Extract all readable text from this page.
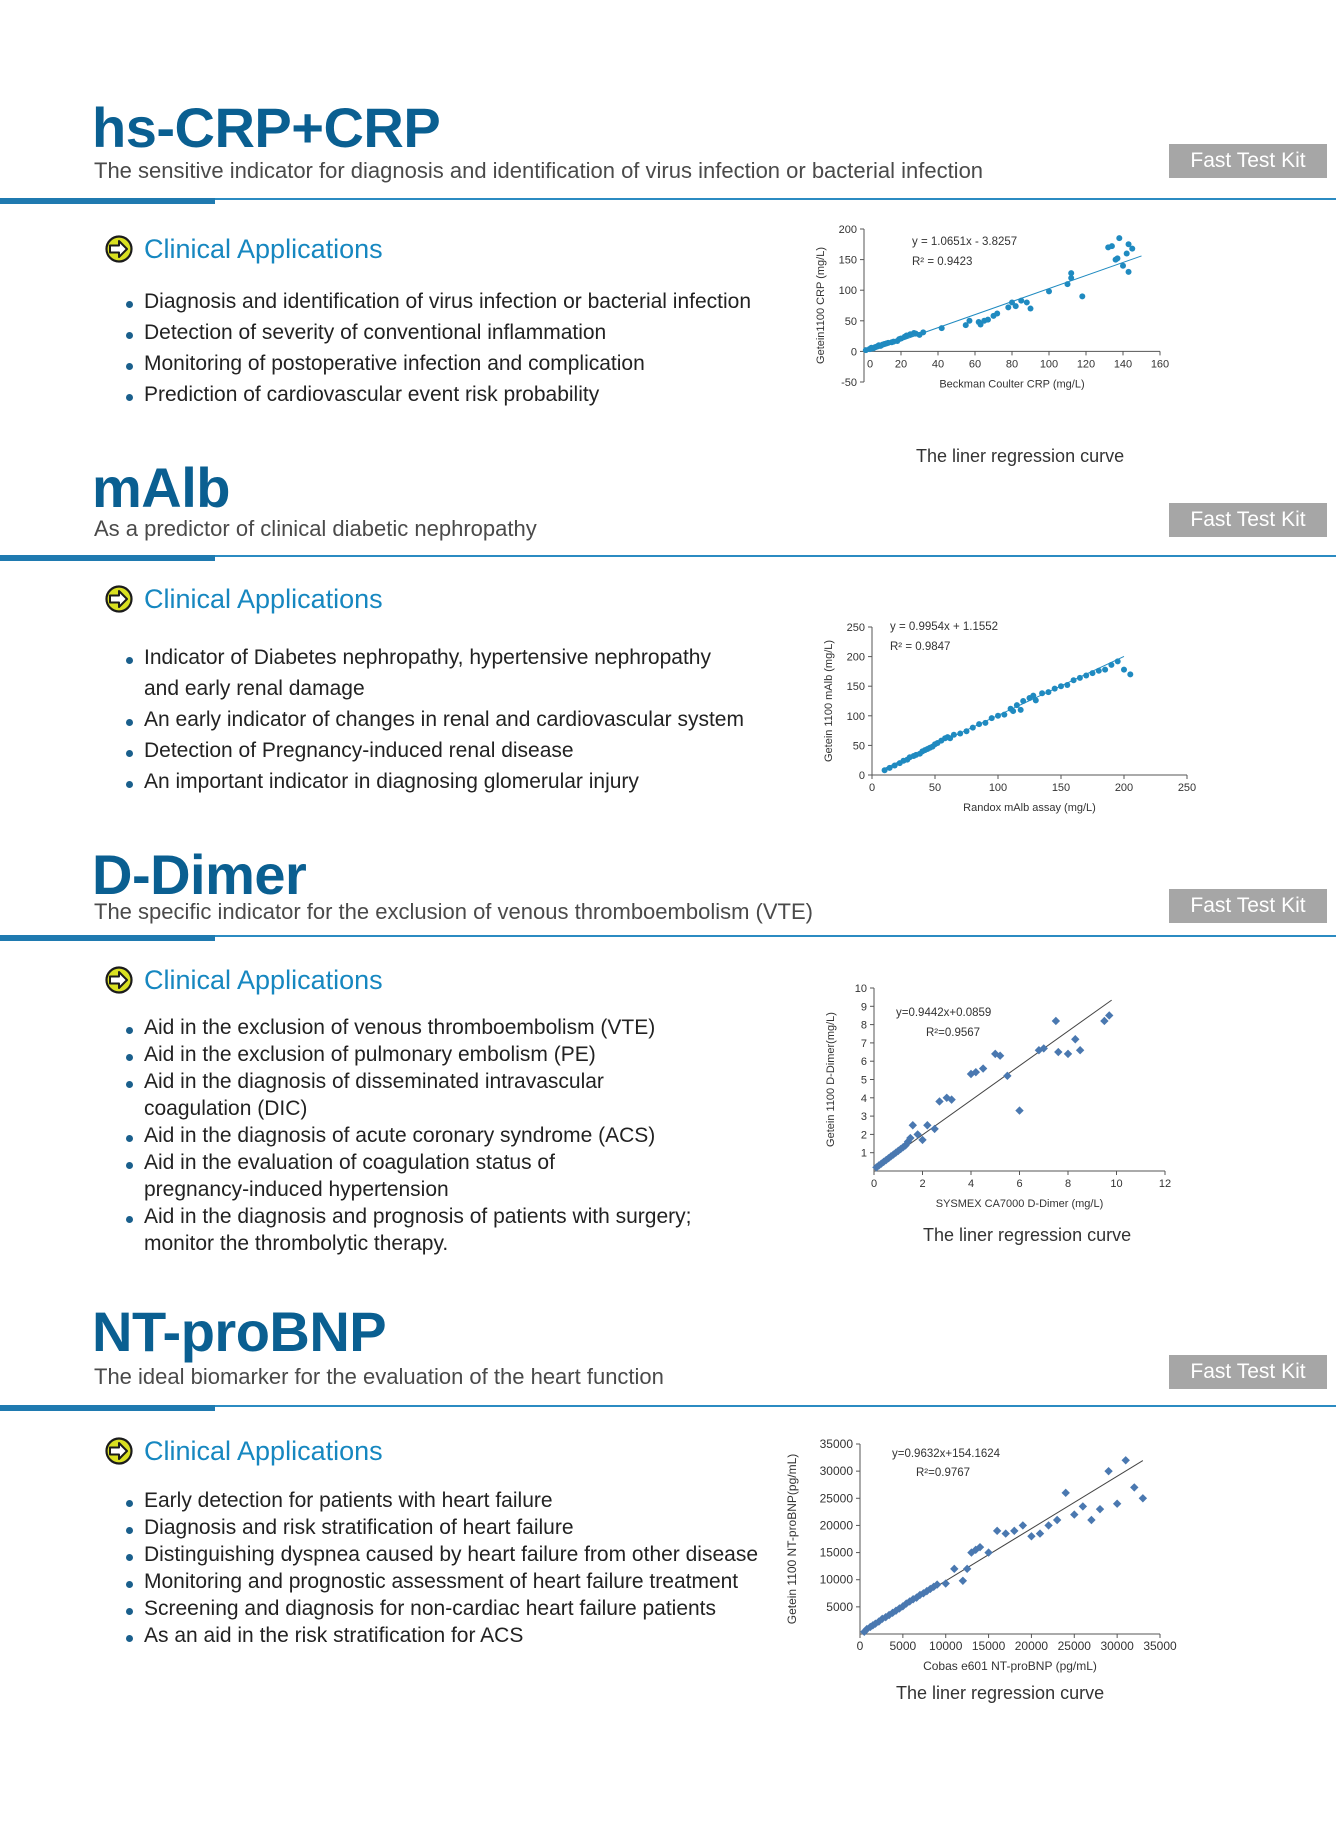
hs-CRP+CRP
The sensitive indicator for diagnosis and identification of virus infection or bacterial infection	Fast Test Kit
Clinical Applications
Diagnosis and identification of virus infection or bacterial infection
Detection of severity of conventional inflammation
Monitoring of postoperative infection and complication
Prediction of cardiovascular event risk probability	-50
0
50
100
150
200
20 40 60 80 100 120 140 160
0
Beckman Coulter CRP (mg/L)
Getein1100 CRP (mg/L)
y = 1.0651x - 3.8257
R² = 0.9423
The liner regression curve
mAlb
As a predictor of clinical diabetic nephropathy	Fast Test Kit
Clinical Applications
Indicator of Diabetes nephropathy, hypertensive nephropathy
and early renal damage
An early indicator of changes in renal and cardiovascular system
Detection of Pregnancy-induced renal disease
An important indicator in diagnosing glomerular injury	0
50
100
150
200
250
0	50	100	150	200	250
Randox mAlb assay (mg/L)
Getein 1100 mAlb (mg/L)
y = 0.9954x + 1.1552
R² = 0.9847
D-Dimer
The specific indicator for the exclusion of venous thromboembolism (VTE)	Fast Test Kit
Clinical Applications
Aid in the exclusion of venous thromboembolism (VTE)
Aid in the exclusion of pulmonary embolism (PE)
Aid in the diagnosis of disseminated intravascular
coagulation (DIC)
Aid in the diagnosis of acute coronary syndrome (ACS)
Aid in the evaluation of coagulation status of
pregnancy-induced hypertension
Aid in the diagnosis and prognosis of patients with surgery;
monitor the thrombolytic therapy.
1
2
3
4
5
6
7
8
9
10
0	2	4	6	8	10	12
SYSMEX CA7000 D-Dimer (mg/L)
Getein 1100 D-Dimer(mg/L)	y=0.9442x+0.0859
R²=0.9567
The liner regression curve
NT-proBNP
The ideal biomarker for the evaluation of the heart function	Fast Test Kit
Clinical Applications
Early detection for patients with heart failure
Diagnosis and risk stratification of heart failure
Distinguishing dyspnea caused by heart failure from other disease
Monitoring and prognostic assessment of heart failure treatment
Screening and diagnosis for non-cardiac heart failure patients
As an aid in the risk stratification for ACS
5000
10000
15000
20000
25000
30000
35000
0 5000 10000 15000 20000 25000 30000 35000
Cobas e601 NT-proBNP (pg/mL)
Getein 1100 NT-proBNP(pg/mL)	y=0.9632x+154.1624
R²=0.9767
The liner regression curve
